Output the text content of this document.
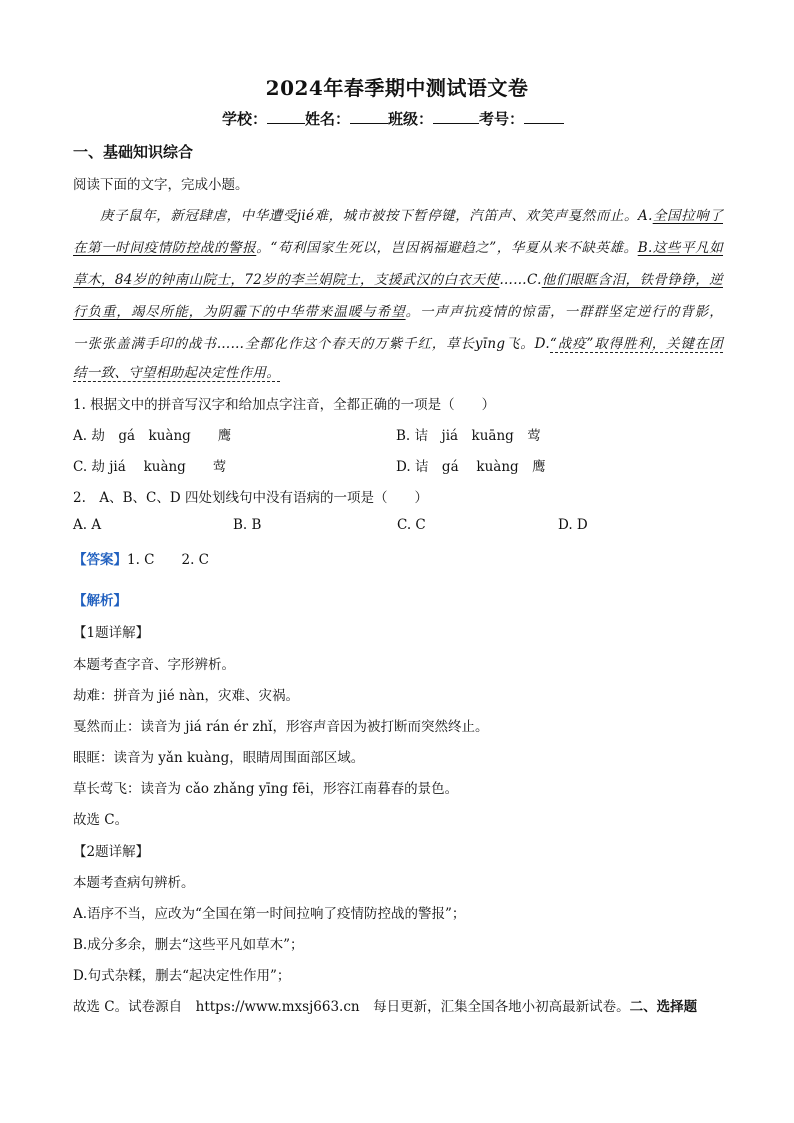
2024年春季期中测试语文卷
学校：	姓名：	班级：	考号：
一、基础知识综合
阅读下面的文字，完成小题。
庚子鼠年，新冠肆虐，中华遭受jié难，城市被按下暂停键，汽笛声、欢笑声戛然而止。A.全国拉响了
在第一时间疫情防控战的警报。“苟利国家生死以，岂因祸福避趋之”，华夏从来不缺英雄。B.这些平凡如
草木，84岁的钟南山院士，72岁的李兰娟院士，支援武汉的白衣天使……C.他们眼眶含泪，铁骨铮铮，逆
行负重，竭尽所能，为阴霾下的中华带来温暖与希望。一声声抗疫情的惊雷，一群群坚定逆行的背影，
一张张盖满手印的战书……全都化作这个春天的万紫千红，草长yīng飞。D.“战疫”取得胜利，关键在团
结一致、守望相助起决定性作用。
1. 根据文中的拼音写汉字和给加点字注音，全都正确的一项是（　　）
A. 劫　gá　kuàng　　鹰	B. 诘　jiá　kuāng　莺
C. 劫 jiá　 kuàng　　莺	D. 诘　gá　 kuàng　鹰
2.　A、B、C、D 四处划线句中没有语病的一项是（　　）
A. A	B. B	C. C	D. D
【答案】1. C　　2. C
【解析】
【1题详解】
本题考查字音、字形辨析。
劫难：拼音为 jié nàn，灾难、灾祸。
戛然而止：读音为 jiá rán ér zhǐ，形容声音因为被打断而突然终止。
眼眶：读音为 yǎn kuàng，眼睛周围面部区域。
草长莺飞：读音为 cǎo zhǎng yīng fēi，形容江南暮春的景色。
故选 C。
【2题详解】
本题考查病句辨析。
A.语序不当，应改为“全国在第一时间拉响了疫情防控战的警报”；
B.成分多余，删去“这些平凡如草木”；
D.句式杂糅，删去“起决定性作用”；
故选 C。试卷源自　https://www.mxsj663.cn　每日更新，汇集全国各地小初高最新试卷。二、选择题
